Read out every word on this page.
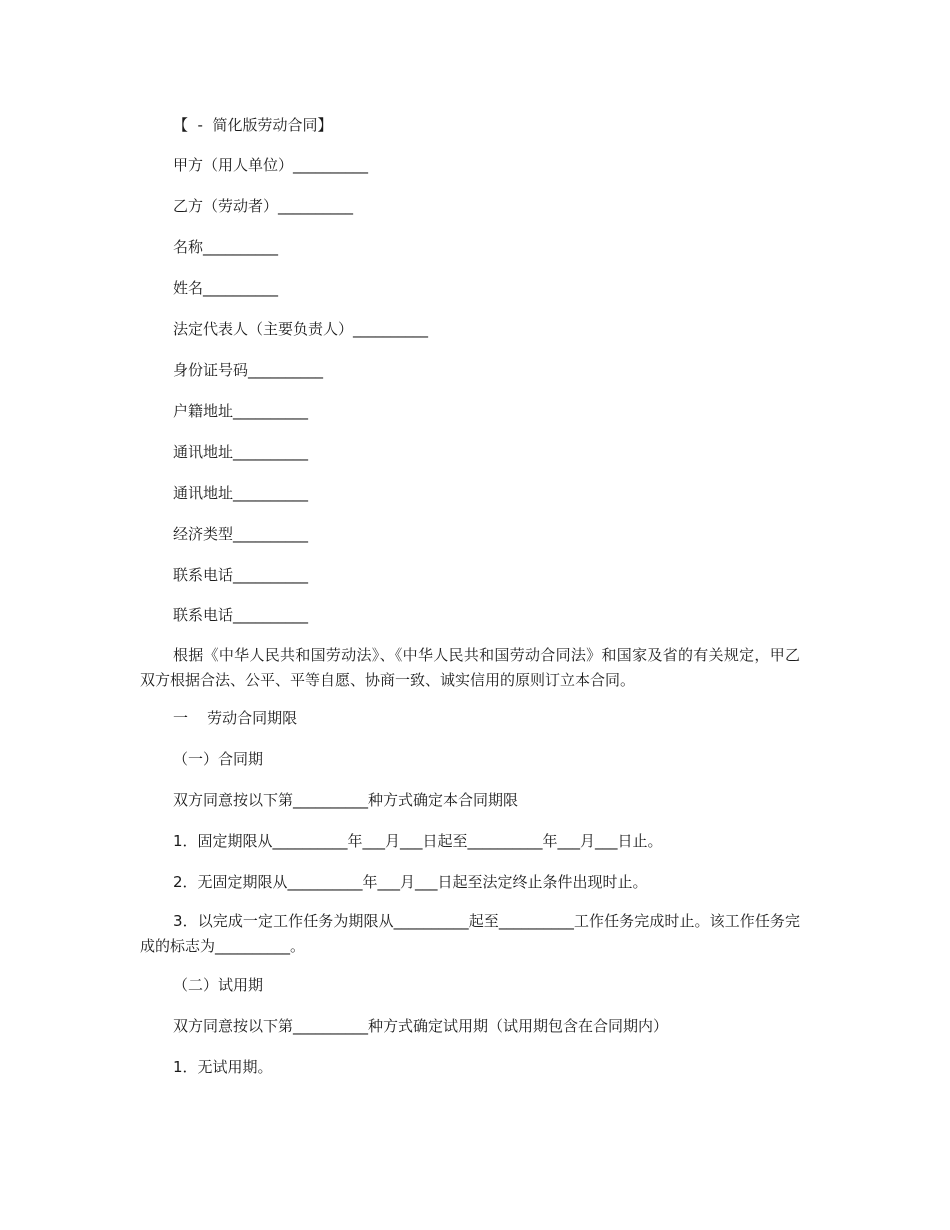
【  -  简化版劳动合同】
甲方（用人单位）__________
乙方（劳动者）__________
名称__________
姓名__________
法定代表人（主要负责人）__________
身份证号码__________
户籍地址__________
通讯地址__________
通讯地址__________
经济类型__________
联系电话__________
联系电话__________
根据《中华人民共和国劳动法》、《中华人民共和国劳动合同法》和国家及省的有关规定，甲乙双方根据合法、公平、平等自愿、协商一致、诚实信用的原则订立本合同。
一    劳动合同期限
（一）合同期
双方同意按以下第__________种方式确定本合同期限
1．固定期限从__________年___月___日起至__________年___月___日止。
2．无固定期限从__________年___月___日起至法定终止条件出现时止。
3．以完成一定工作任务为期限从__________起至__________工作任务完成时止。该工作任务完成的标志为__________。
（二）试用期
双方同意按以下第__________种方式确定试用期（试用期包含在合同期内）
1．无试用期。
